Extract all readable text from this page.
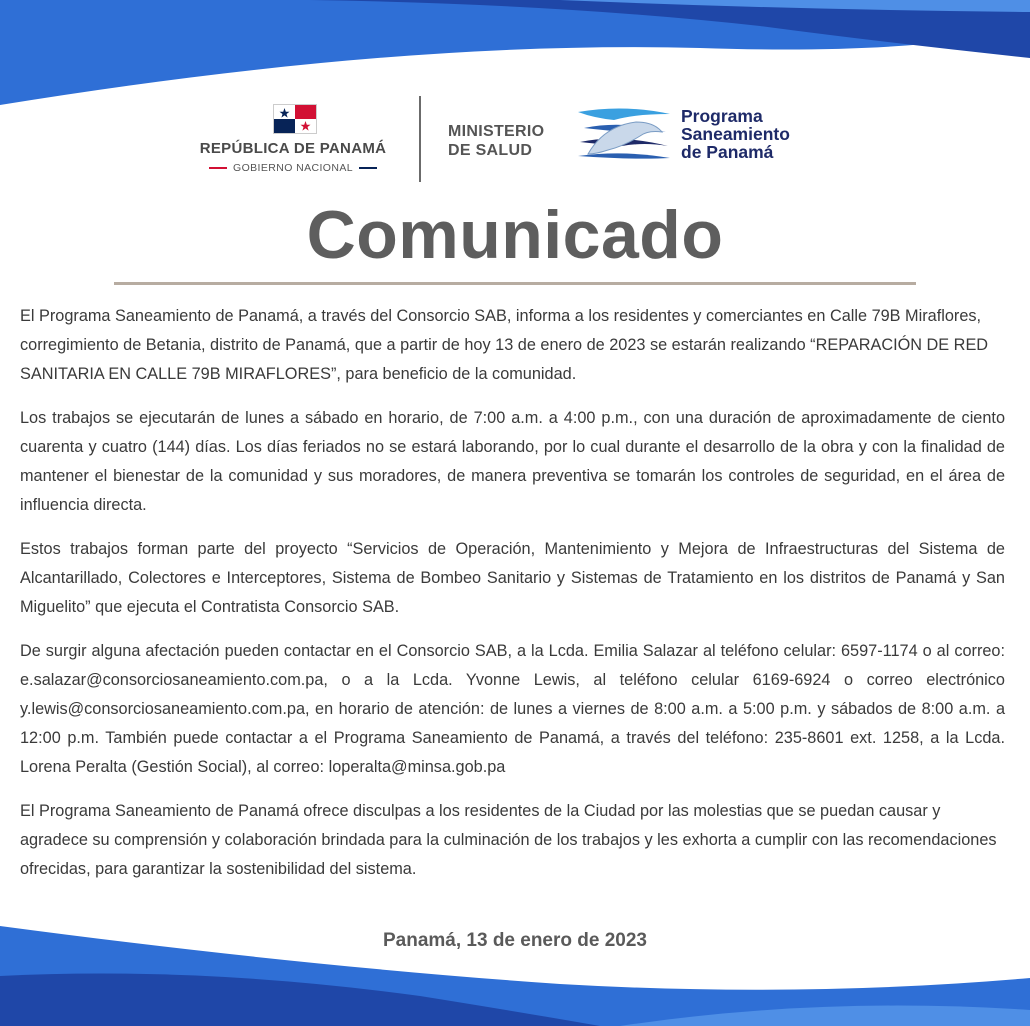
REPÚBLICA DE PANAMÁ
GOBIERNO NACIONAL
MINISTERIO
DE SALUD
Programa
Saneamiento
de Panamá
Comunicado

El Programa Saneamiento de Panamá, a través del Consorcio SAB, informa a los residentes y comerciantes en Calle 79B Miraflores, corregimiento de Betania, distrito de Panamá, que a partir de hoy 13 de enero de 2023 se estarán realizando “REPARACIÓN DE RED SANITARIA EN CALLE 79B MIRAFLORES”, para beneficio de la comunidad.

Los trabajos se ejecutarán de lunes a sábado en horario, de 7:00 a.m. a 4:00 p.m., con una duración de aproximadamente de ciento cuarenta y cuatro (144) días. Los días feriados no se estará laborando, por lo cual durante el desarrollo de la obra y con la finalidad de mantener el bienestar de la comunidad y sus moradores, de manera preventiva se tomarán los controles de seguridad, en el área de influencia directa.

Estos trabajos forman parte del proyecto “Servicios de Operación, Mantenimiento y Mejora de Infraestructuras del Sistema de Alcantarillado, Colectores e Interceptores, Sistema de Bombeo Sanitario y Sistemas de Tratamiento en los distritos de Panamá y San Miguelito” que ejecuta el Contratista Consorcio SAB.

De surgir alguna afectación pueden contactar en el Consorcio SAB, a la Lcda. Emilia Salazar al teléfono celular: 6597-1174 o al correo: e.salazar@consorciosaneamiento.com.pa, o a la Lcda. Yvonne Lewis, al teléfono celular 6169-6924 o correo electrónico y.lewis@consorciosaneamiento.com.pa, en horario de atención: de lunes a viernes de 8:00 a.m. a 5:00 p.m. y sábados de 8:00 a.m. a 12:00 p.m. También puede contactar a el Programa Saneamiento de Panamá, a través del teléfono: 235-8601 ext. 1258, a la Lcda. Lorena Peralta (Gestión Social), al correo: loperalta@minsa.gob.pa

El Programa Saneamiento de Panamá ofrece disculpas a los residentes de la Ciudad por las molestias que se puedan causar y agradece su comprensión y colaboración brindada para la culminación de los trabajos y les exhorta a cumplir con las recomendaciones ofrecidas, para garantizar la sostenibilidad del sistema.

Panamá, 13 de enero de 2023
